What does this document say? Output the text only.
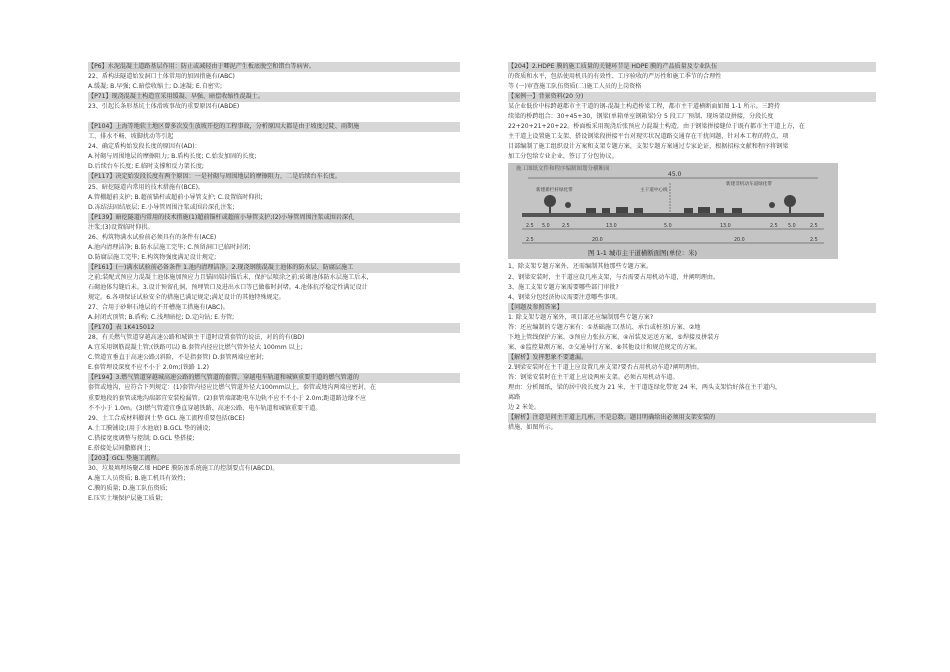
【P6】水泥混凝土道路基层作用：防止或减轻由于唧泥产生板底脱空和错台等病害。

22、盾构法隧道始发洞口土体常用的加固措施有(ABC)

A.缓凝; B.早强; C.暗偿收缩土; D.速凝; E.自密实;

【P71】现浇混凝土构造宜采用缓凝、早强、暗偿收缩性混凝土。

23、引起长条形基坑土体滑坡事故的重要原因有(ABDE)

【P104】上海等地软土地区曾多次发生放坡开挖的工程事故，分析原因大都是由于坡度过陡、雨期施

工、排水不畅、坡脚扰动等引起

24、确定盾构始发段长度的原因有(AD)：

A.衬砌与周围地层的摩擦阻力; B.盾构长度; C.始发加固的长度;

D.后续台车长度; E.临时支撑和反力架长度;

【P117】决定始发段长度有两个原因：一是衬砌与周围地层的摩擦阻力，二是后续台车长度。

25、暗挖隧道内常用的技术措施有(BCE)。

A.管棚超前支护; B.超前锚杆或超前小导管支护; C.设置临时仰拱;

D.冻结法固结底层; E.小导管周围注浆或围岩深孔注浆;

【P139】暗挖隧道内常用的技术措施(1)超前锚杆或超前小导管支护;(2)小导管周围注浆或围岩深孔

注浆;(3)设置临时仰拱。

26、构筑物满水试验前必须具有的条件有(ACE)

A.池内清理洁净; B.防水层施工完毕; C.预留洞口已临时封闭;

D.防腐层施工完毕; E.构筑物强度满足设计规定;

【P161】(一)满水试验前必备条件 1.池内清理洁净。2.现浇钢筋混凝土池体的防水层、防腐层施工

之前;装配式预应力混凝土池体施加预应力且锚固端封锚后未，保护层喷涂之前;砖砌池体防水层施工后未，

石砌池体勾缝后未。3.设计预留孔洞、预埋管口及进出水口等已做临时封堵。4.池体抗浮稳定性满足设计

规定。6.各项保证试验安全的措施已满足规定;满足设计的其他特殊规定。

27、合用于砂卵石地层的不开槽施工措施有(ABC)。

A.封闭式顶管; B.盾构; C.浅埋暗挖; D.定向钻; E.夯管;

【P170】表 1K415012

28、有关燃气管道穿越高速公路和城镇主干道时设置套管的说法，对的的有(BD)

A.宜采用钢筋混凝土管;(铁路可以) B.套管内径应比燃气管外径大 100mm 以上;

C.管道宜垂直于高速公路;(斜险，不是指套管) D.套管两端应密封;

E.套管埋设深度不应不小于 2.0m;(铁路 1.2)

【P194】3.燃气管道穿越城高速公路的燃气管道的套管、穿越电车轨道和城镇重要干道的燃气管道的

套管或地沟，应符合下列规定：(1)套管内径应比燃气管道外径大100mm以上，套管或地沟两端应密封，在

重要地段的套管或地沟端部宜安装检漏管。(2)套管端部距电车边轨不应不不小于 2.0m;距道路边缘不应

不不小于 1.0m。(3)燃气管道宜垂直穿越铁路、高速公路、电车轨道和城镇重要干道。

29、土工合成材料膨润土垫 GCL 施工流程重要包括(BCE)

A.土工膜铺设;(用于水池底) B.GCL 垫的铺设;

C.搭接宽度调整与控制; D.GCL 垫搭接;

E.搭接处层间撒膨润土;

【203】GCL 垫施工流程。

30、垃圾填埋场聚乙烯 HDPE 膜防渗系统施工的控制要点有(ABCD)。

A.施工人员资质; B.施工机具有效性;

C.膜的质量; D.施工队伍资质;

E.压实土壤保护层施工质量;

【204】2.HDPE 膜的施工质量的关键环节是 HDPE 膜的产品质量及专业队伍

的资质和水平，包括使用机具的有效性、工序验收的严厉性和施工季节的合理性

等 (一)审查施工队伍资质(二)施工人员的上岗资格

【案例一】背景资料(20 分)

某企业低价中标跨越都市主干道的钢-混凝土构造桥梁工程，都市主干道横断面如图 1-1 所示。三跨持

续梁的桥跨组合：30+45+30，钢梁(单箱单室钢箱梁)分 5 段工厂预制、现场架设拼接，分段长度

22+20+21+20+22。桥面板采用现浇后张预应力混凝土构造，由于钢梁拼接缝位于既有都市主干道上方，在

主干道上设置施工支架、搭设钢梁段拼接平台对现实状况道路交通存在干扰问题，针对本工程的特点，项

目部编制了施工组织设计方案和支架专题方案，支架专题方案通过专家论证，根据招标文献和程序将钢梁

加工分包给专业企业，签订了分包协议。

施工图纸文件和程序编制图划分横断面
45.0
新建新栏杆绿化带	主干道中心线
新建非机动车道绿化带
2.5 5.0	2.5	13.0	5.0	13.0	2.5 5.0	2.5
2.5	20.0	20.0	2.5
图 1-1 城市主干道横断面图(单位：米)

1、除支架专题方案外，还需编制其他那些专题方案。

2、钢梁安装时，主干道应设几座支架，与否需要占用机动车道，并阐明理由。

3、施工支架专题方案需要哪些部门审批?

4、钢梁分包经济协议需要注意哪些事项。

【问题及参照答案】

1. 除支架专题方案外，项目部还应编制那些专题方案?

答：还应编制的专题方案有：①基础施工(基坑、承台或桩基)方案、②地

下地上管线保护方案、③预应力张拉方案、④吊装及运送方案、⑤焊接及拼装方

案、⑥监控量测方案、⑦交通导行方案、⑧其他设计和规范规定的方案。

【解析】发挥想象不要遗漏。

2.钢梁安装时在主干道上应设置几座支架?要否占用机动车道?阐明理由。

答：钢梁安装时在主干道上应设两座支架。必须占用机动车道。

理由：分析图纸，梁的居中段长度为 21 米，主干道连绿化带宽 24 米，两头支架恰好落在主干道内，

离路

边 2 米处。

【解析】注意是问主干道上几座，不是总数。题目明确给出必须用支架安装的

措施，如图所示。
